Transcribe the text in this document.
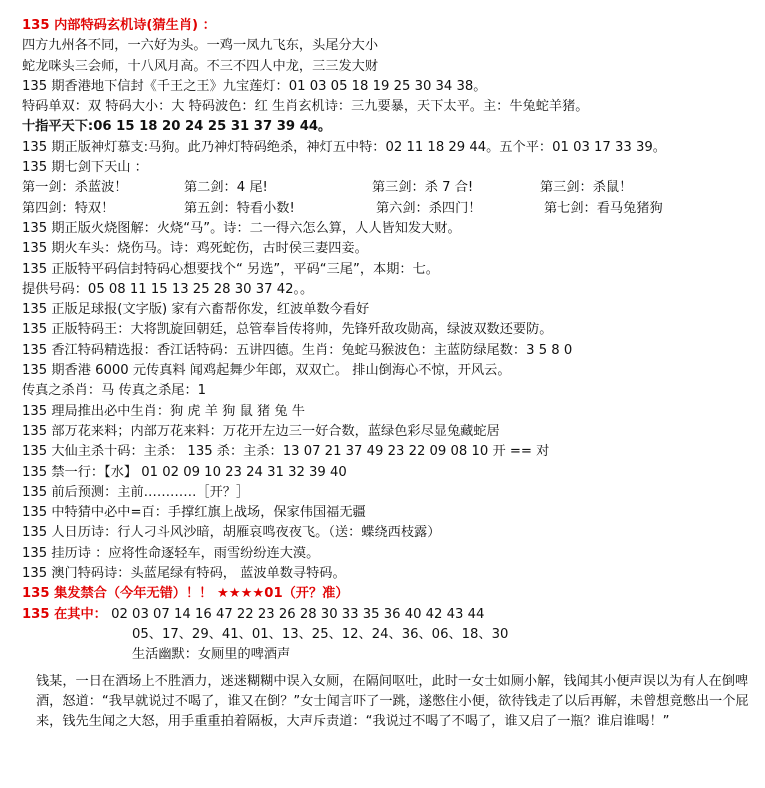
135 内部特码玄机诗(猜生肖) ：
四方九州各不同，一六好为头。一鸡一凤九飞东，头尾分大小
蛇龙咪头三会师，十八风月高。不三不四人中龙，三三发大财
135 期香港地下信封《千王之王》九宝莲灯：01 03 05 18 19 25 30 34 38。
特码单双：双 特码大小：大 特码波色：红 生肖玄机诗：三九要暴，天下太平。主：牛兔蛇羊猪。
十指平天下:06 15 18 20 24 25 31 37 39 44。
135 期正版神灯慕支:马狗。此乃神灯特码绝杀，神灯五中特：02 11 18 29 44。五个平：01 03 17 33 39。
135 期七剑下天山 ：
第一剑：杀蓝波！	第二剑：4 尾!	第三剑：杀 7 合!	第三剑：杀鼠！
第四剑：特双！	第五剑：特看小数!	第六剑：杀四门！	第七剑：看马兔猪狗
135 期正版火烧图解：火烧“马”。诗：二一得六怎么算，人人皆知发大财。
135 期火车头：烧伤马。诗：鸡死蛇伤，古时侯三妻四妾。
135 正版特平码信封特码心想要找个“ 另选”，平码“三尾”，本期：七。
提供号码：05 08 11 15 13 25 28 30 37 42。。
135 正版足球报(文字版) 家有六畜帮你发，红波单数今看好
135 正版特码王：大将凯旋回朝廷，总管奉旨传将帅，先锋歼敌攻勋高，绿波双数还要防。
135 香江特码精选报：香江话特码：五讲四德。生肖：兔蛇马猴波色：主蓝防绿尾数：3 5 8 0
135 期香港 6000 元传真料 闻鸡起舞少年郎，双双亡。 排山倒海心不惊，开风云。
传真之杀肖：马 传真之杀尾：1
135 理局推出必中生肖：狗 虎 羊 狗 鼠 猪 兔 牛
135 部万花来料；内部万花来料：万花开左边三一好合数，蓝绿色彩尽显兔藏蛇居
135 大仙主杀十码：主杀： 135 杀：主杀：13 07 21 37 49 23 22 09 08 10 开 == 对
135 禁一行：【水】 01 02 09 10 23 24 31 32 39 40
135 前后预测：主前…………［开？］
135 中特猜中必中=百：手撑红旗上战场，保家伟国福无疆
135 人日历诗：行人刁斗风沙暗，胡雁哀鸣夜夜飞。（送：蝶绕西枝露）
135 挂历诗 ：应将性命逐轻车，雨雪纷纷连大漠。
135 澳门特码诗：头蓝尾绿有特码， 蓝波单数寻特码。
135 集发禁合（今年无错）！！ ★★★★01（开？准）
135 在其中： 02 03 07 14 16 47 22 23 26 28 30 33 35 36 40 42 43 44
05、17、29、41、01、13、25、12、24、36、06、18、30
生活幽默：女厕里的啤酒声
钱某，一日在酒场上不胜酒力，迷迷糊糊中误入女厕，在隔间呕吐，此时一女士如厕小解，钱闻其小便声误以为有人在倒啤酒，怒道：“我早就说过不喝了，谁又在倒？”女士闻言吓了一跳，遂憋住小便，欲待钱走了以后再解，未曾想竟憋出一个屁来，钱先生闻之大怒，用手重重拍着隔板，大声斥责道：“我说过不喝了不喝了，谁又启了一瓶？谁启谁喝！”
